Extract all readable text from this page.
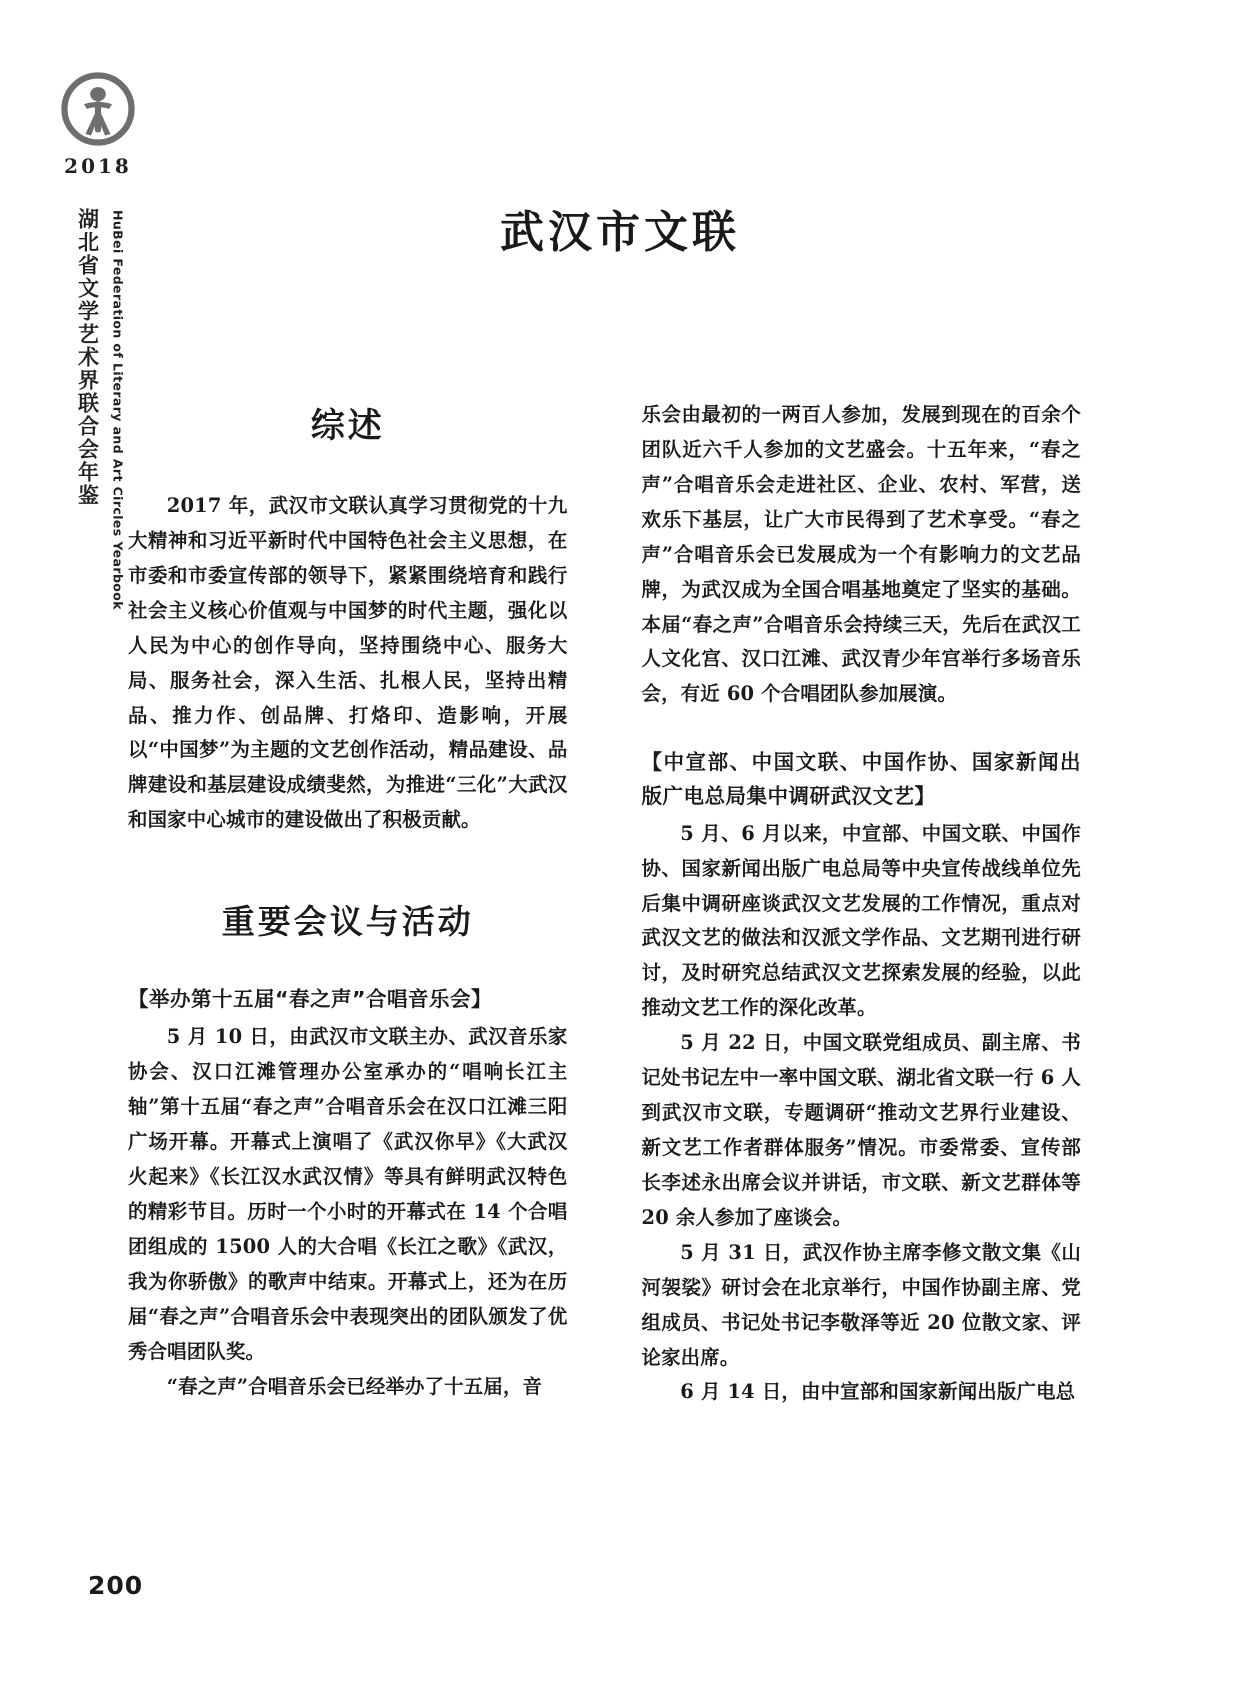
2018
湖北省文学艺术界联合会年鉴 HuBei Federation of Literary and Art Circles Yearbook	武汉市文联
综述

2017 年，武汉市文联认真学习贯彻党的十九大精神和习近平新时代中国特色社会主义思想，在市委和市委宣传部的领导下，紧紧围绕培育和践行社会主义核心价值观与中国梦的时代主题，强化以人民为中心的创作导向，坚持围绕中心、服务大局、服务社会，深入生活、扎根人民，坚持出精品、推力作、创品牌、打烙印、造影响，开展以“中国梦”为主题的文艺创作活动，精品建设、品牌建设和基层建设成绩斐然，为推进“三化”大武汉和国家中心城市的建设做出了积极贡献。

重要会议与活动
【举办第十五届“春之声”合唱音乐会】

5 月 10 日，由武汉市文联主办、武汉音乐家协会、汉口江滩管理办公室承办的“唱响长江主轴”第十五届“春之声”合唱音乐会在汉口江滩三阳广场开幕。开幕式上演唱了《武汉你早》《大武汉火起来》《长江汉水武汉情》等具有鲜明武汉特色的精彩节目。历时一个小时的开幕式在 14 个合唱团组成的 1500 人的大合唱《长江之歌》《武汉，我为你骄傲》的歌声中结束。开幕式上，还为在历届“春之声”合唱音乐会中表现突出的团队颁发了优秀合唱团队奖。

“春之声”合唱音乐会已经举办了十五届，音

乐会由最初的一两百人参加，发展到现在的百余个团队近六千人参加的文艺盛会。十五年来，“春之声”合唱音乐会走进社区、企业、农村、军营，送欢乐下基层，让广大市民得到了艺术享受。“春之声”合唱音乐会已发展成为一个有影响力的文艺品牌，为武汉成为全国合唱基地奠定了坚实的基础。本届“春之声”合唱音乐会持续三天，先后在武汉工人文化宫、汉口江滩、武汉青少年宫举行多场音乐会，有近 60 个合唱团队参加展演。

【中宣部、中国文联、中国作协、国家新闻出版广电总局集中调研武汉文艺】

5 月、6 月以来，中宣部、中国文联、中国作协、国家新闻出版广电总局等中央宣传战线单位先后集中调研座谈武汉文艺发展的工作情况，重点对武汉文艺的做法和汉派文学作品、文艺期刊进行研讨，及时研究总结武汉文艺探索发展的经验，以此推动文艺工作的深化改革。

5 月 22 日，中国文联党组成员、副主席、书记处书记左中一率中国文联、湖北省文联一行 6 人到武汉市文联，专题调研“推动文艺界行业建设、新文艺工作者群体服务”情况。市委常委、宣传部长李述永出席会议并讲话，市文联、新文艺群体等 20 余人参加了座谈会。

5 月 31 日，武汉作协主席李修文散文集《山河袈裟》研讨会在北京举行，中国作协副主席、党组成员、书记处书记李敬泽等近 20 位散文家、评论家出席。

6 月 14 日，由中宣部和国家新闻出版广电总

200
